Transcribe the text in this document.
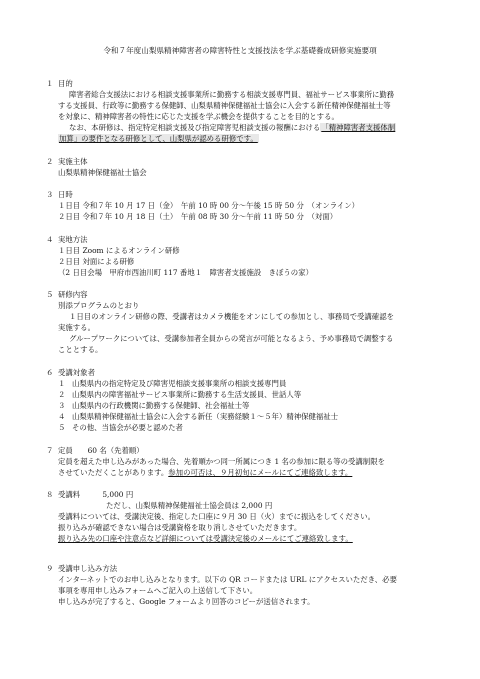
令和７年度山梨県精神障害者の障害特性と支援技法を学ぶ基礎養成研修実施要項
１ 目的
障害者総合支援法における相談支援事業所に勤務する相談支援専門員、福祉サービス事業所に勤務
する支援員、行政等に勤務する保健師、山梨県精神保健福祉士協会に入会する新任精神保健福祉士等
を対象に、精神障害者の特性に応じた支援を学ぶ機会を提供することを目的とする。
なお、本研修は、指定特定相談支援及び指定障害児相談支援の報酬における「精神障害者支援体制
加算」の要件となる研修として、山梨県が認める研修です。
２ 実施主体
山梨県精神保健福祉士協会
３ 日時
１日目 令和７年 10 月 17 日（金）　午前 10 時 00 分～午後 15 時 50 分　（オンライン）
２日目 令和７年 10 月 18 日（土）　午前 08 時 30 分～午前 11 時 50 分　（対面）
４ 実地方法
１日目 Zoom によるオンライン研修
２日目 対面による研修
（2 日目会場　甲府市西油川町 117 番地１　障害者支援施設　きぼうの家）
５ 研修内容
別添プログラムのとおり
１日目のオンライン研修の際、受講者はカメラ機能をオンにしての参加とし、事務局で受講確認を
実施する。
グループワークについては、受講参加者全員からの発言が可能となるよう、予め事務局で調整する
こととする。
６ 受講対象者
１ 山梨県内の指定特定及び障害児相談支援事業所の相談支援専門員
２ 山梨県内の障害福祉サービス事業所に勤務する生活支援員、世話人等
３ 山梨県内の行政機関に勤務する保健師、社会福祉士等
４ 山梨県精神保健福祉士協会に入会する新任（実務経験１～５年）精神保健福祉士
５ その他、当協会が必要と認めた者
７ 定員　　60 名（先着順）
定員を超えた申し込みがあった場合、先着順かつ同一所属につき 1 名の参加に限る等の受講制限を
させていただくことがあります。参加の可否は、９月初旬にメールにてご連絡致します。
８ 受講料　　　5,000 円
ただし、山梨県精神保健福祉士協会員は 2,000 円
受講料については、受講決定後、指定した口座に９月 30 日（火）までに振込をしてください。
振り込みが確認できない場合は受講資格を取り消しさせていただきます。
振り込み先の口座や注意点など詳細については受講決定後のメールにてご連絡致します。
９ 受講申し込み方法
インターネットでのお申し込みとなります。以下の QR コードまたは URL にアクセスいただき、必要
事項を専用申し込みフォームへご記入の上送信して下さい。
申し込みが完了すると、Google フォームより回答のコピーが送信されます。
